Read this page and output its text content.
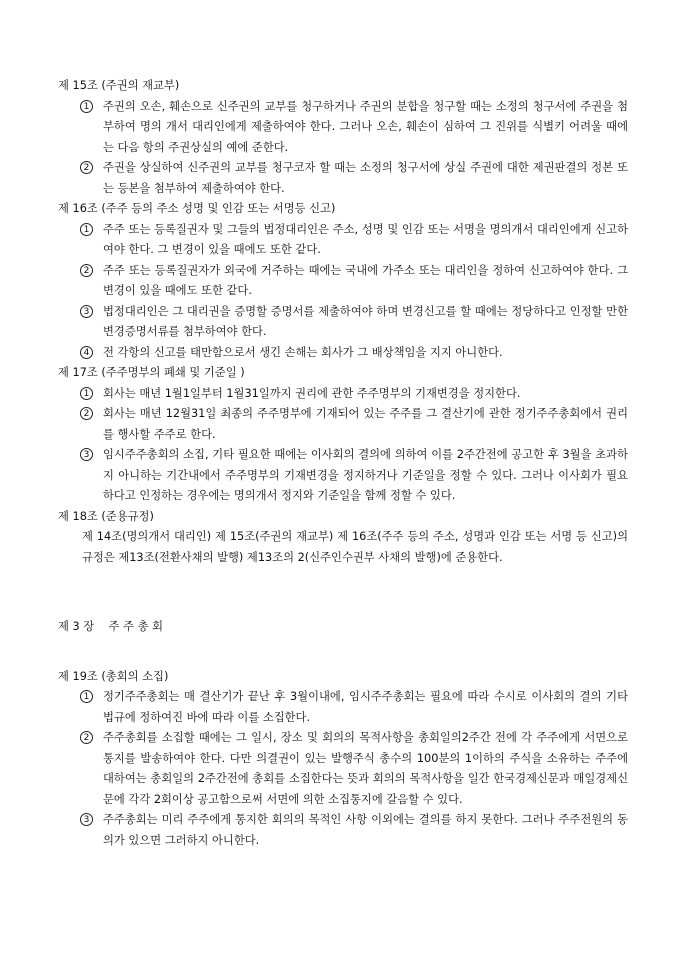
제 15조 (주권의 재교부)
1	주권의 오손, 훼손으로 신주권의 교부를 청구하거나 주권의 분합을 청구할 때는 소정의 청구서에 주권을 첨부하여 명의 개서 대리인에게 제출하여야 한다. 그러나 오손, 훼손이 심하여 그 진위를 식별키 어려울 때에는 다음 항의 주권상실의 예에 준한다.
2	주권을 상실하여 신주권의 교부를 청구코자 할 때는 소정의 청구서에 상실 주권에 대한 제권판결의 정본 또는 등본을 첨부하여 제출하여야 한다.
제 16조 (주주 등의 주소 성명 및 인감 또는 서명등 신고)
1	주주 또는 등록질권자 및 그들의 법정대리인은 주소, 성명 및 인감 또는 서명을 명의개서 대리인에게 신고하여야 한다. 그 변경이 있을 때에도 또한 같다.
2	주주 또는 등록질권자가 외국에 거주하는 때에는 국내에 가주소 또는 대리인을 정하여 신고하여야 한다. 그 변경이 있을 때에도 또한 같다.
3	법정대리인은 그 대리권을 증명할 증명서를 제출하여야 하며 변경신고를 할 때에는 정당하다고 인정할 만한 변경증명서류를 첨부하여야 한다.
4	전 각항의 신고를 태만함으로서 생긴 손해는 회사가 그 배상책임을 지지 아니한다.
제 17조 (주주명부의 폐쇄 및 기준일 )
1	회사는 매년 1월1일부터 1월31일까지 권리에 관한 주주명부의 기재변경을 정지한다.
2	회사는 매년 12월31일 최종의 주주명부에 기재되어 있는 주주를 그 결산기에 관한 정기주주총회에서 권리를 행사할 주주로 한다.
3	임시주주총회의 소집, 기타 필요한 때에는 이사회의 결의에 의하여 이를 2주간전에 공고한 후 3월을 초과하지 아니하는 기간내에서 주주명부의 기재변경을 정지하거나 기준일을 정할 수 있다. 그러나 이사회가 필요하다고 인정하는 경우에는 명의개서 정지와 기준일을 함께 정할 수 있다.
제 18조 (준용규정)
제 14조(명의개서 대리인) 제 15조(주권의 재교부) 제 16조(주주 등의 주소, 성명과 인감 또는 서명 등 신고)의 규정은 제13조(전환사채의 발행) 제13조의 2(신주인수권부 사채의 발행)에 준용한다.
제 3 장    주 주 총 회
제 19조 (총회의 소집)
1	정기주주총회는 매 결산기가 끝난 후 3월이내에, 임시주주총회는 필요에 따라 수시로 이사회의 결의 기타 법규에 정하여진 바에 따라 이를 소집한다.
2	주주총회를 소집할 때에는 그 일시, 장소 및 회의의 목적사항을 총회일의2주간 전에 각 주주에게 서면으로 통지를 발송하여야 한다. 다만 의결권이 있는 발행주식 총수의 100분의 1이하의 주식을 소유하는 주주에 대하여는 총회일의 2주간전에 총회를 소집한다는 뜻과 회의의 목적사항을 일간 한국경제신문과 매일경제신문에 각각 2회이상 공고함으로써 서면에 의한 소집통지에 갈음할 수 있다.
3	주주총회는 미리 주주에게 통지한 회의의 목적인 사항 이외에는 결의를 하지 못한다. 그러나 주주전원의 동의가 있으면 그러하지 아니한다.
